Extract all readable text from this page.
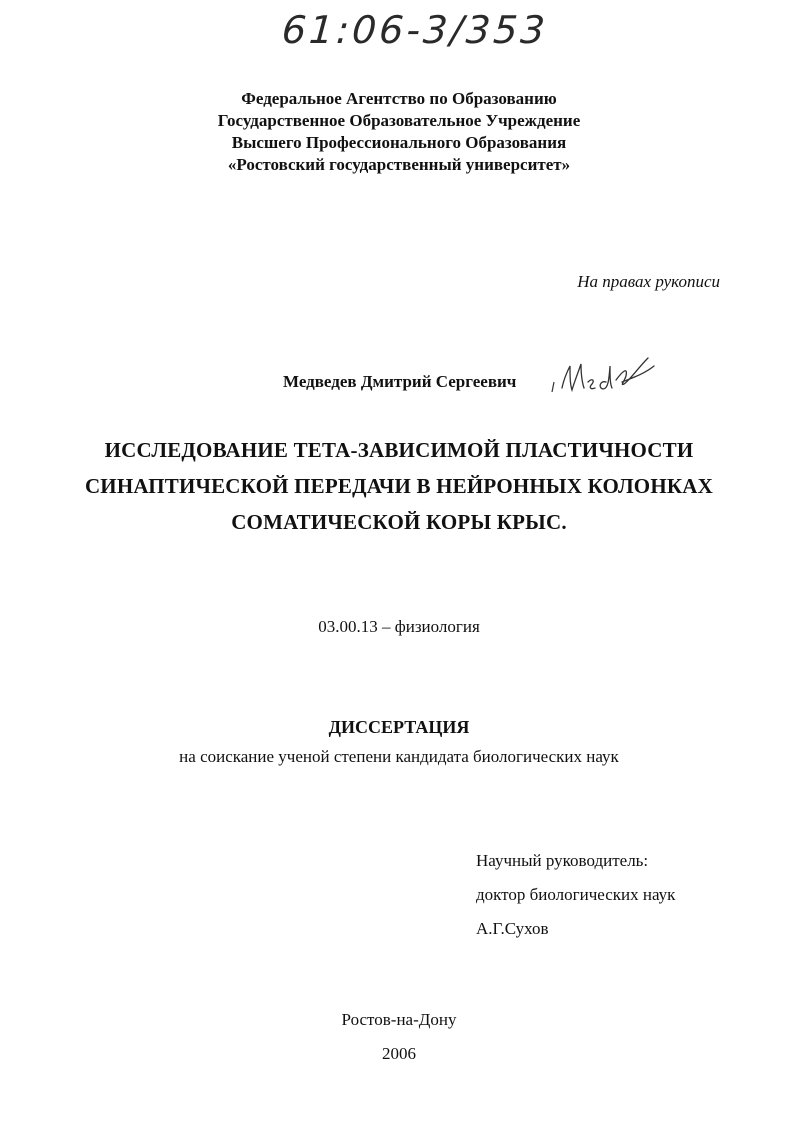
61:06-3/353
Федеральное Агентство по Образованию
Государственное Образовательное Учреждение
Высшего Профессионального Образования
«Ростовский государственный университет»
На правах рукописи
Медведев Дмитрий Сергеевич
ИССЛЕДОВАНИЕ ТЕТА-ЗАВИСИМОЙ ПЛАСТИЧНОСТИ
СИНАПТИЧЕСКОЙ ПЕРЕДАЧИ В НЕЙРОННЫХ КОЛОНКАХ
СОМАТИЧЕСКОЙ КОРЫ КРЫС.
03.00.13 – физиология
ДИССЕРТАЦИЯ
на соискание ученой степени кандидата биологических наук
Научный руководитель:
доктор биологических наук
А.Г.Сухов
Ростов-на-Дону
2006
